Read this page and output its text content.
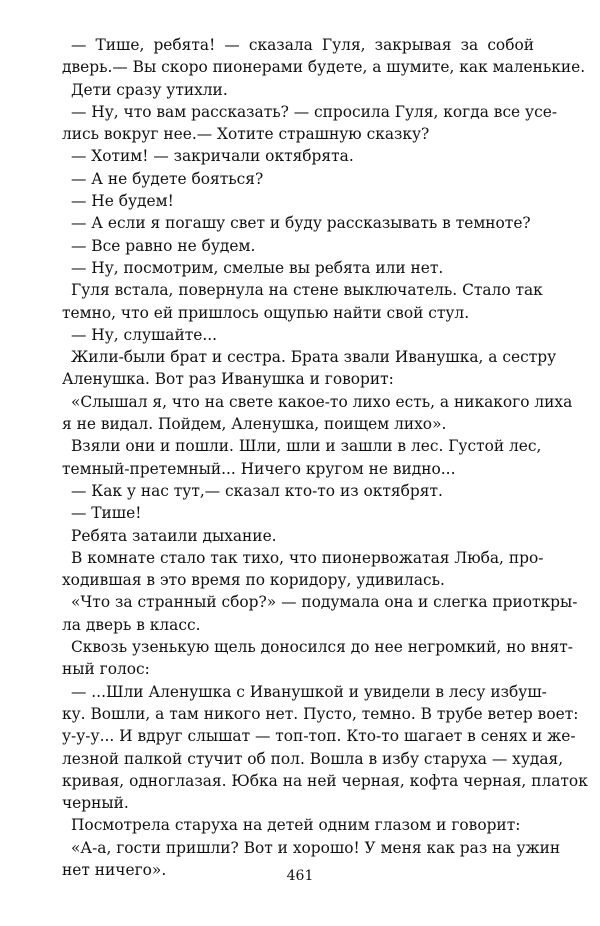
— Тише, ребята! — сказала Гуля, закрывая за собой
дверь.— Вы скоро пионерами будете, а шумите, как маленькие.
Дети сразу утихли.
— Ну, что вам рассказать? — спросила Гуля, когда все усе-
лись вокруг нее.— Хотите страшную сказку?
— Хотим! — закричали октябрята.
— А не будете бояться?
— Не будем!
— А если я погашу свет и буду рассказывать в темноте?
— Все равно не будем.
— Ну, посмотрим, смелые вы ребята или нет.
Гуля встала, повернула на стене выключатель. Стало так
темно, что ей пришлось ощупью найти свой стул.
— Ну, слушайте...
Жили-были брат и сестра. Брата звали Иванушка, а сестру
Аленушка. Вот раз Иванушка и говорит:
«Слышал я, что на свете какое-то лихо есть, а никакого лиха
я не видал. Пойдем, Аленушка, поищем лихо».
Взяли они и пошли. Шли, шли и зашли в лес. Густой лес,
темный-претемный... Ничего кругом не видно...
— Как у нас тут,— сказал кто-то из октябрят.
— Тише!
Ребята затаили дыхание.
В комнате стало так тихо, что пионервожатая Люба, про-
ходившая в это время по коридору, удивилась.
«Что за странный сбор?» — подумала она и слегка приоткры-
ла дверь в класс.
Сквозь узенькую щель доносился до нее негромкий, но внят-
ный голос:
— ...Шли Аленушка с Иванушкой и увидели в лесу избуш-
ку. Вошли, а там никого нет. Пусто, темно. В трубе ветер воет:
у-у-у... И вдруг слышат — топ-топ. Кто-то шагает в сенях и же-
лезной палкой стучит об пол. Вошла в избу старуха — худая,
кривая, одноглазая. Юбка на ней черная, кофта черная, платок
черный.
Посмотрела старуха на детей одним глазом и говорит:
«А-а, гости пришли? Вот и хорошо! У меня как раз на ужин
нет ничего».	461
